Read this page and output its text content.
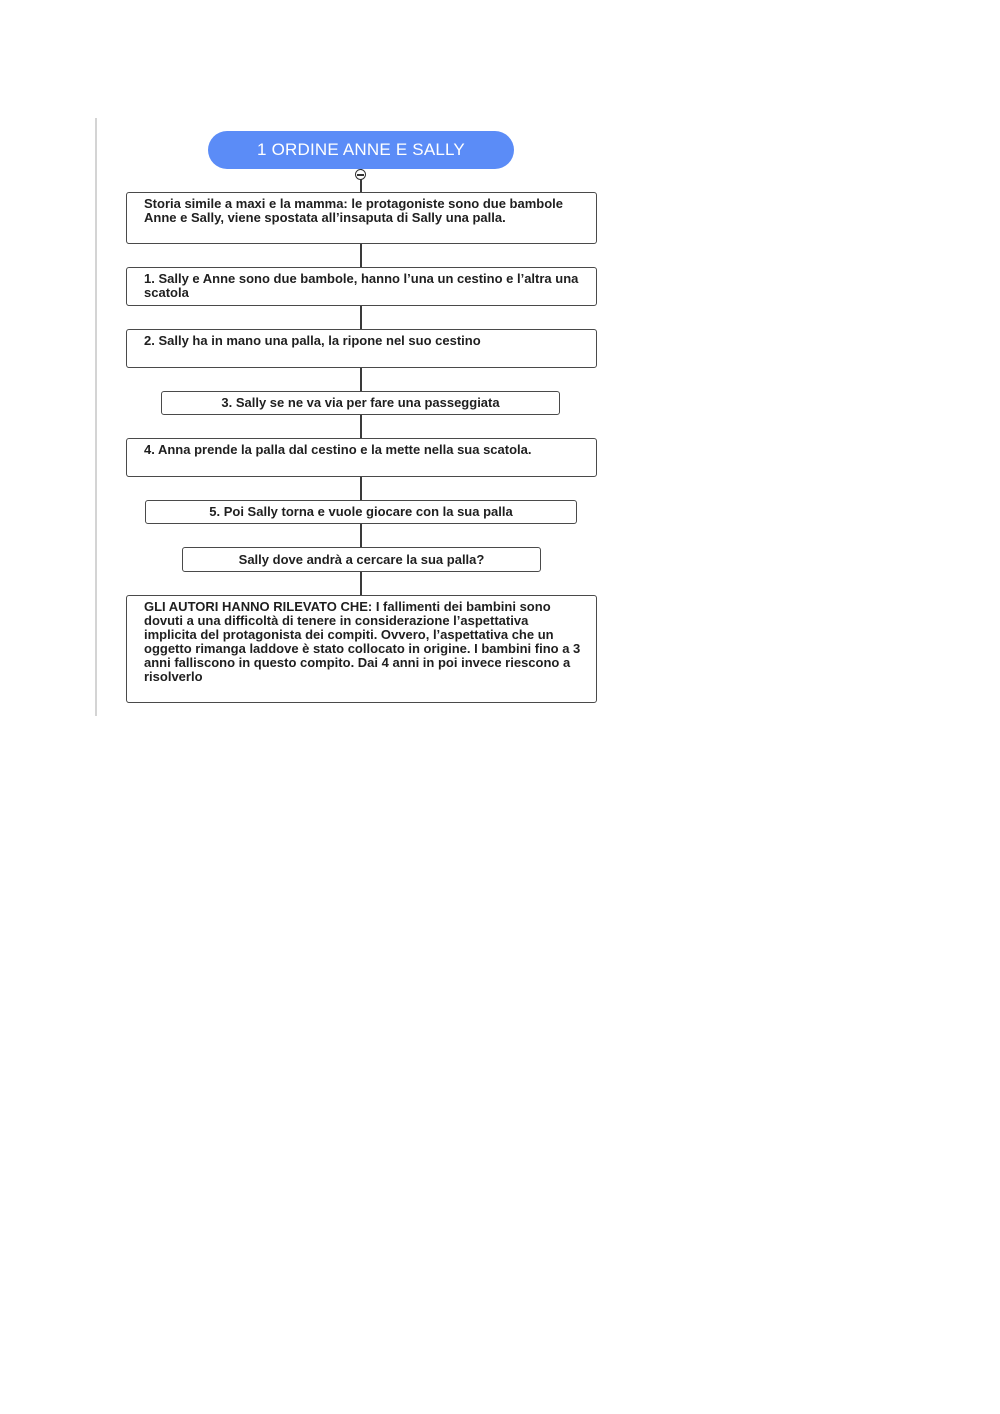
1 ORDINE ANNE E SALLY
Storia simile a maxi e la mamma: le protagoniste sono due bambole Anne e Sally, viene spostata all’insaputa di Sally una palla.
1. Sally e Anne sono due bambole, hanno l’una un cestino e l’altra una scatola
2. Sally ha in mano una palla, la ripone nel suo cestino
3. Sally se ne va via per fare una passeggiata
4. Anna prende la palla dal cestino e la mette nella sua scatola.
5. Poi Sally torna e vuole giocare con la sua palla
Sally dove andrà a cercare la sua palla?
GLI AUTORI HANNO RILEVATO CHE: I fallimenti dei bambini sono dovuti a una difficoltà di tenere in considerazione l’aspettativa implicita del protagonista dei compiti. Ovvero, l’aspettativa che un oggetto rimanga laddove è stato collocato in origine. I bambini fino a 3 anni falliscono in questo compito. Dai 4 anni in poi invece riescono a risolverlo
